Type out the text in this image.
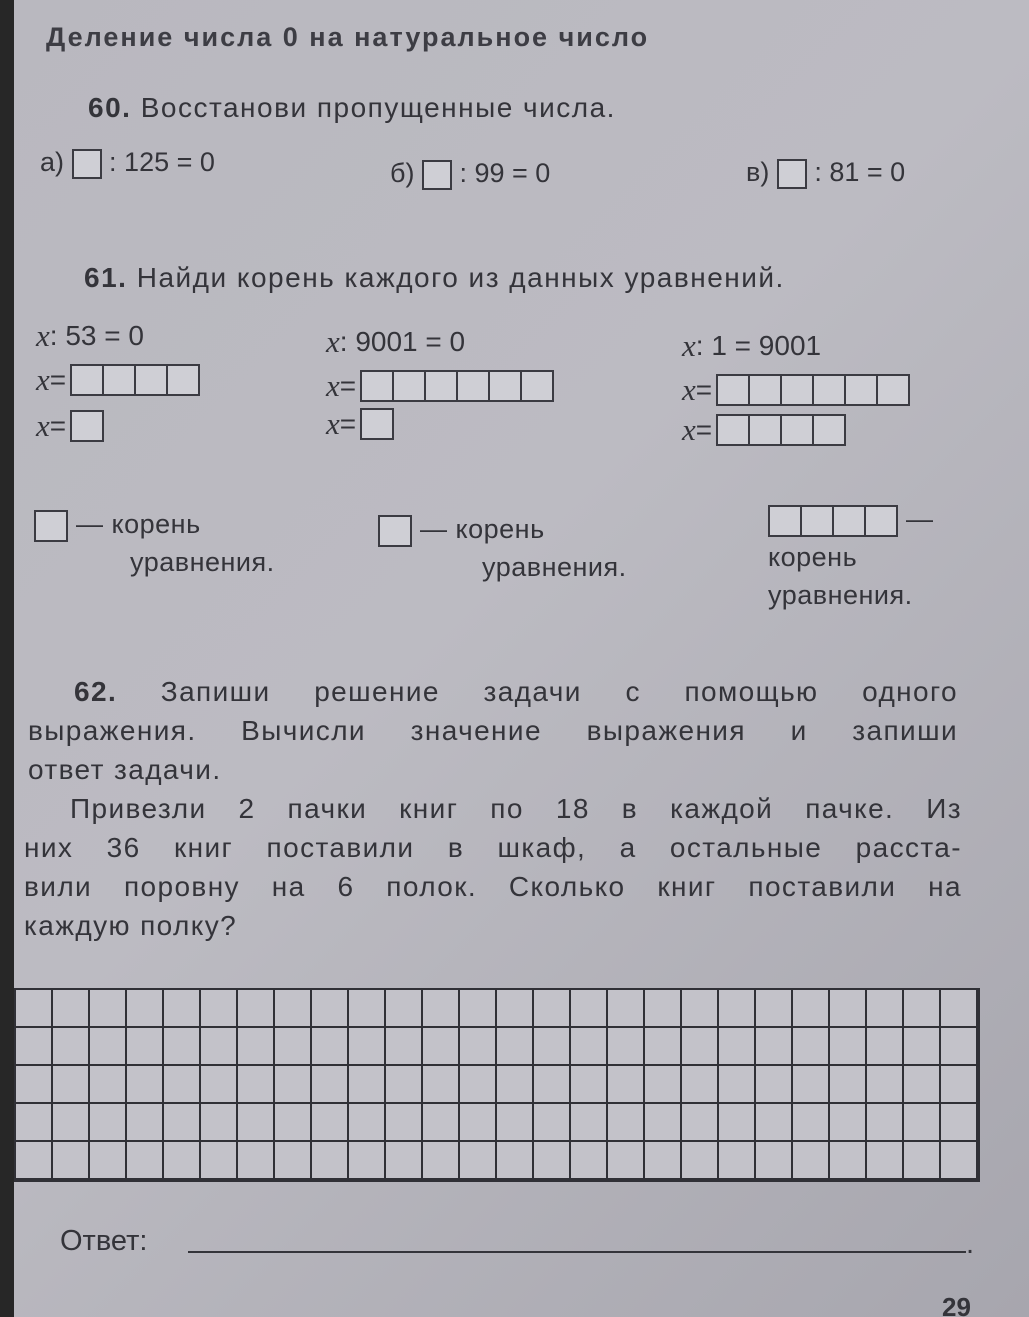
Деление числа 0 на натуральное число
60. Восстанови пропущенные числа.
а) : 125 = 0	б) : 99 = 0	в) : 81 = 0
61. Найди корень каждого из данных уравнений.
x : 53 = 0
x =
x =
x : 9001 = 0
x =
x =
x : 1 = 9001
x =
x =
— корень
уравнения.
— корень
уравнения.
—
корень
уравнения.
62. Запиши решение задачи с помощью одного
выражения. Вычисли значение выражения и запиши
ответ задачи.
Привезли 2 пачки книг по 18 в каждой пачке. Из
них 36 книг поставили в шкаф, а остальные расста-
вили поровну на 6 полок. Сколько книг поставили на
каждую полку?
Ответ:	.
29
